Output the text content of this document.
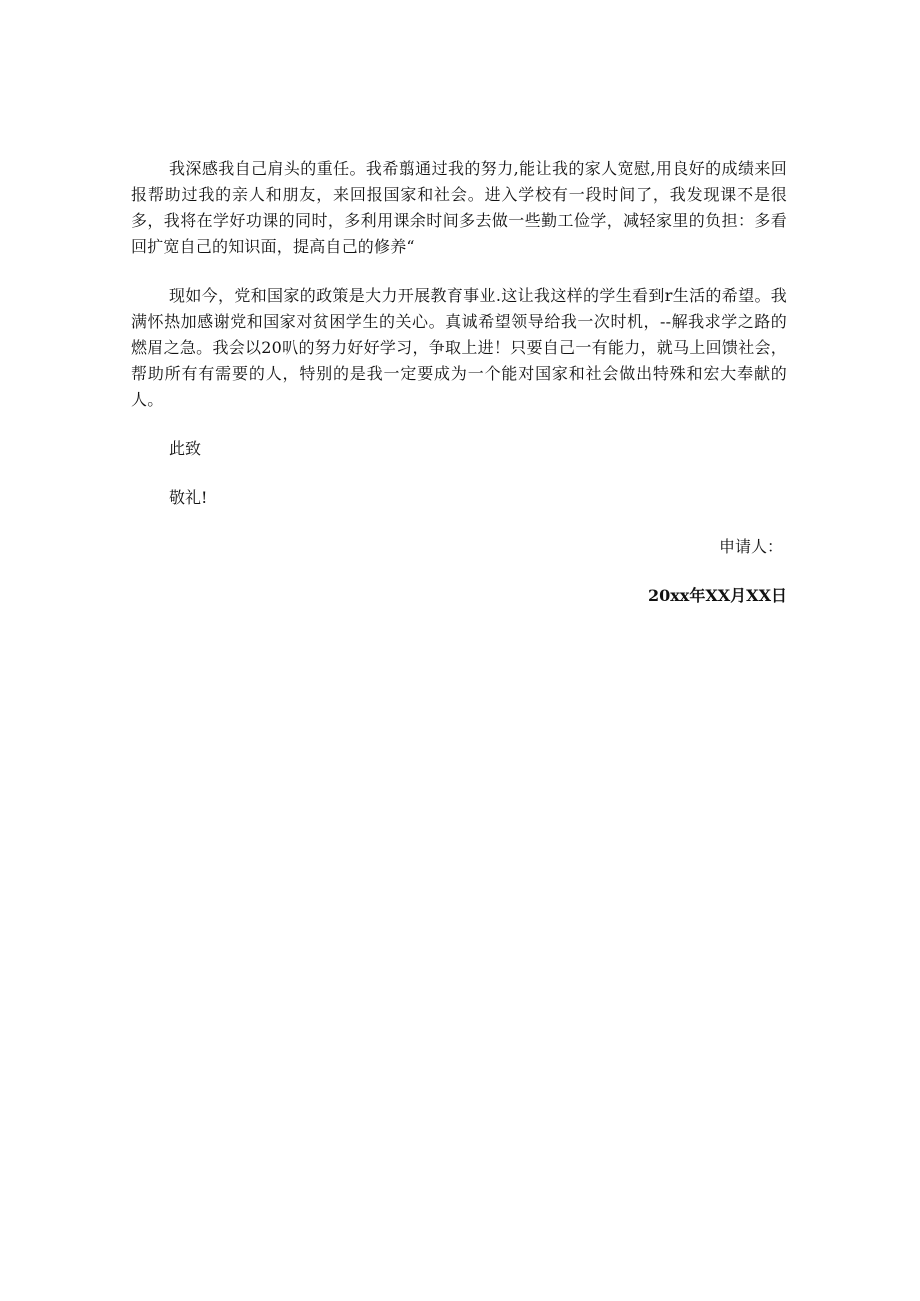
我深感我自己肩头的重任。我希翦通过我的努力,能让我的家人宽慰,用良好的成绩来回报帮助过我的亲人和朋友，来回报国家和社会。进入学校有一段时间了，我发现课不是很多，我将在学好功课的同时，多利用课余时间多去做一些勤工俭学，减轻家里的负担：多看回扩宽自己的知识面，提高自己的修养“

现如今，党和国家的政策是大力开展教育事业.这让我这样的学生看到r生活的希望。我满怀热加感谢党和国家对贫困学生的关心。真诚希望领导给我一次时机，--解我求学之路的燃眉之急。我会以20叭的努力好好学习，争取上进！只要自己一有能力，就马上回馈社会，帮助所有有需要的人，特别的是我一定要成为一个能对国家和社会做出特殊和宏大奉献的人。

此致

敬礼!

申请人：

20xx年XX月XX日
